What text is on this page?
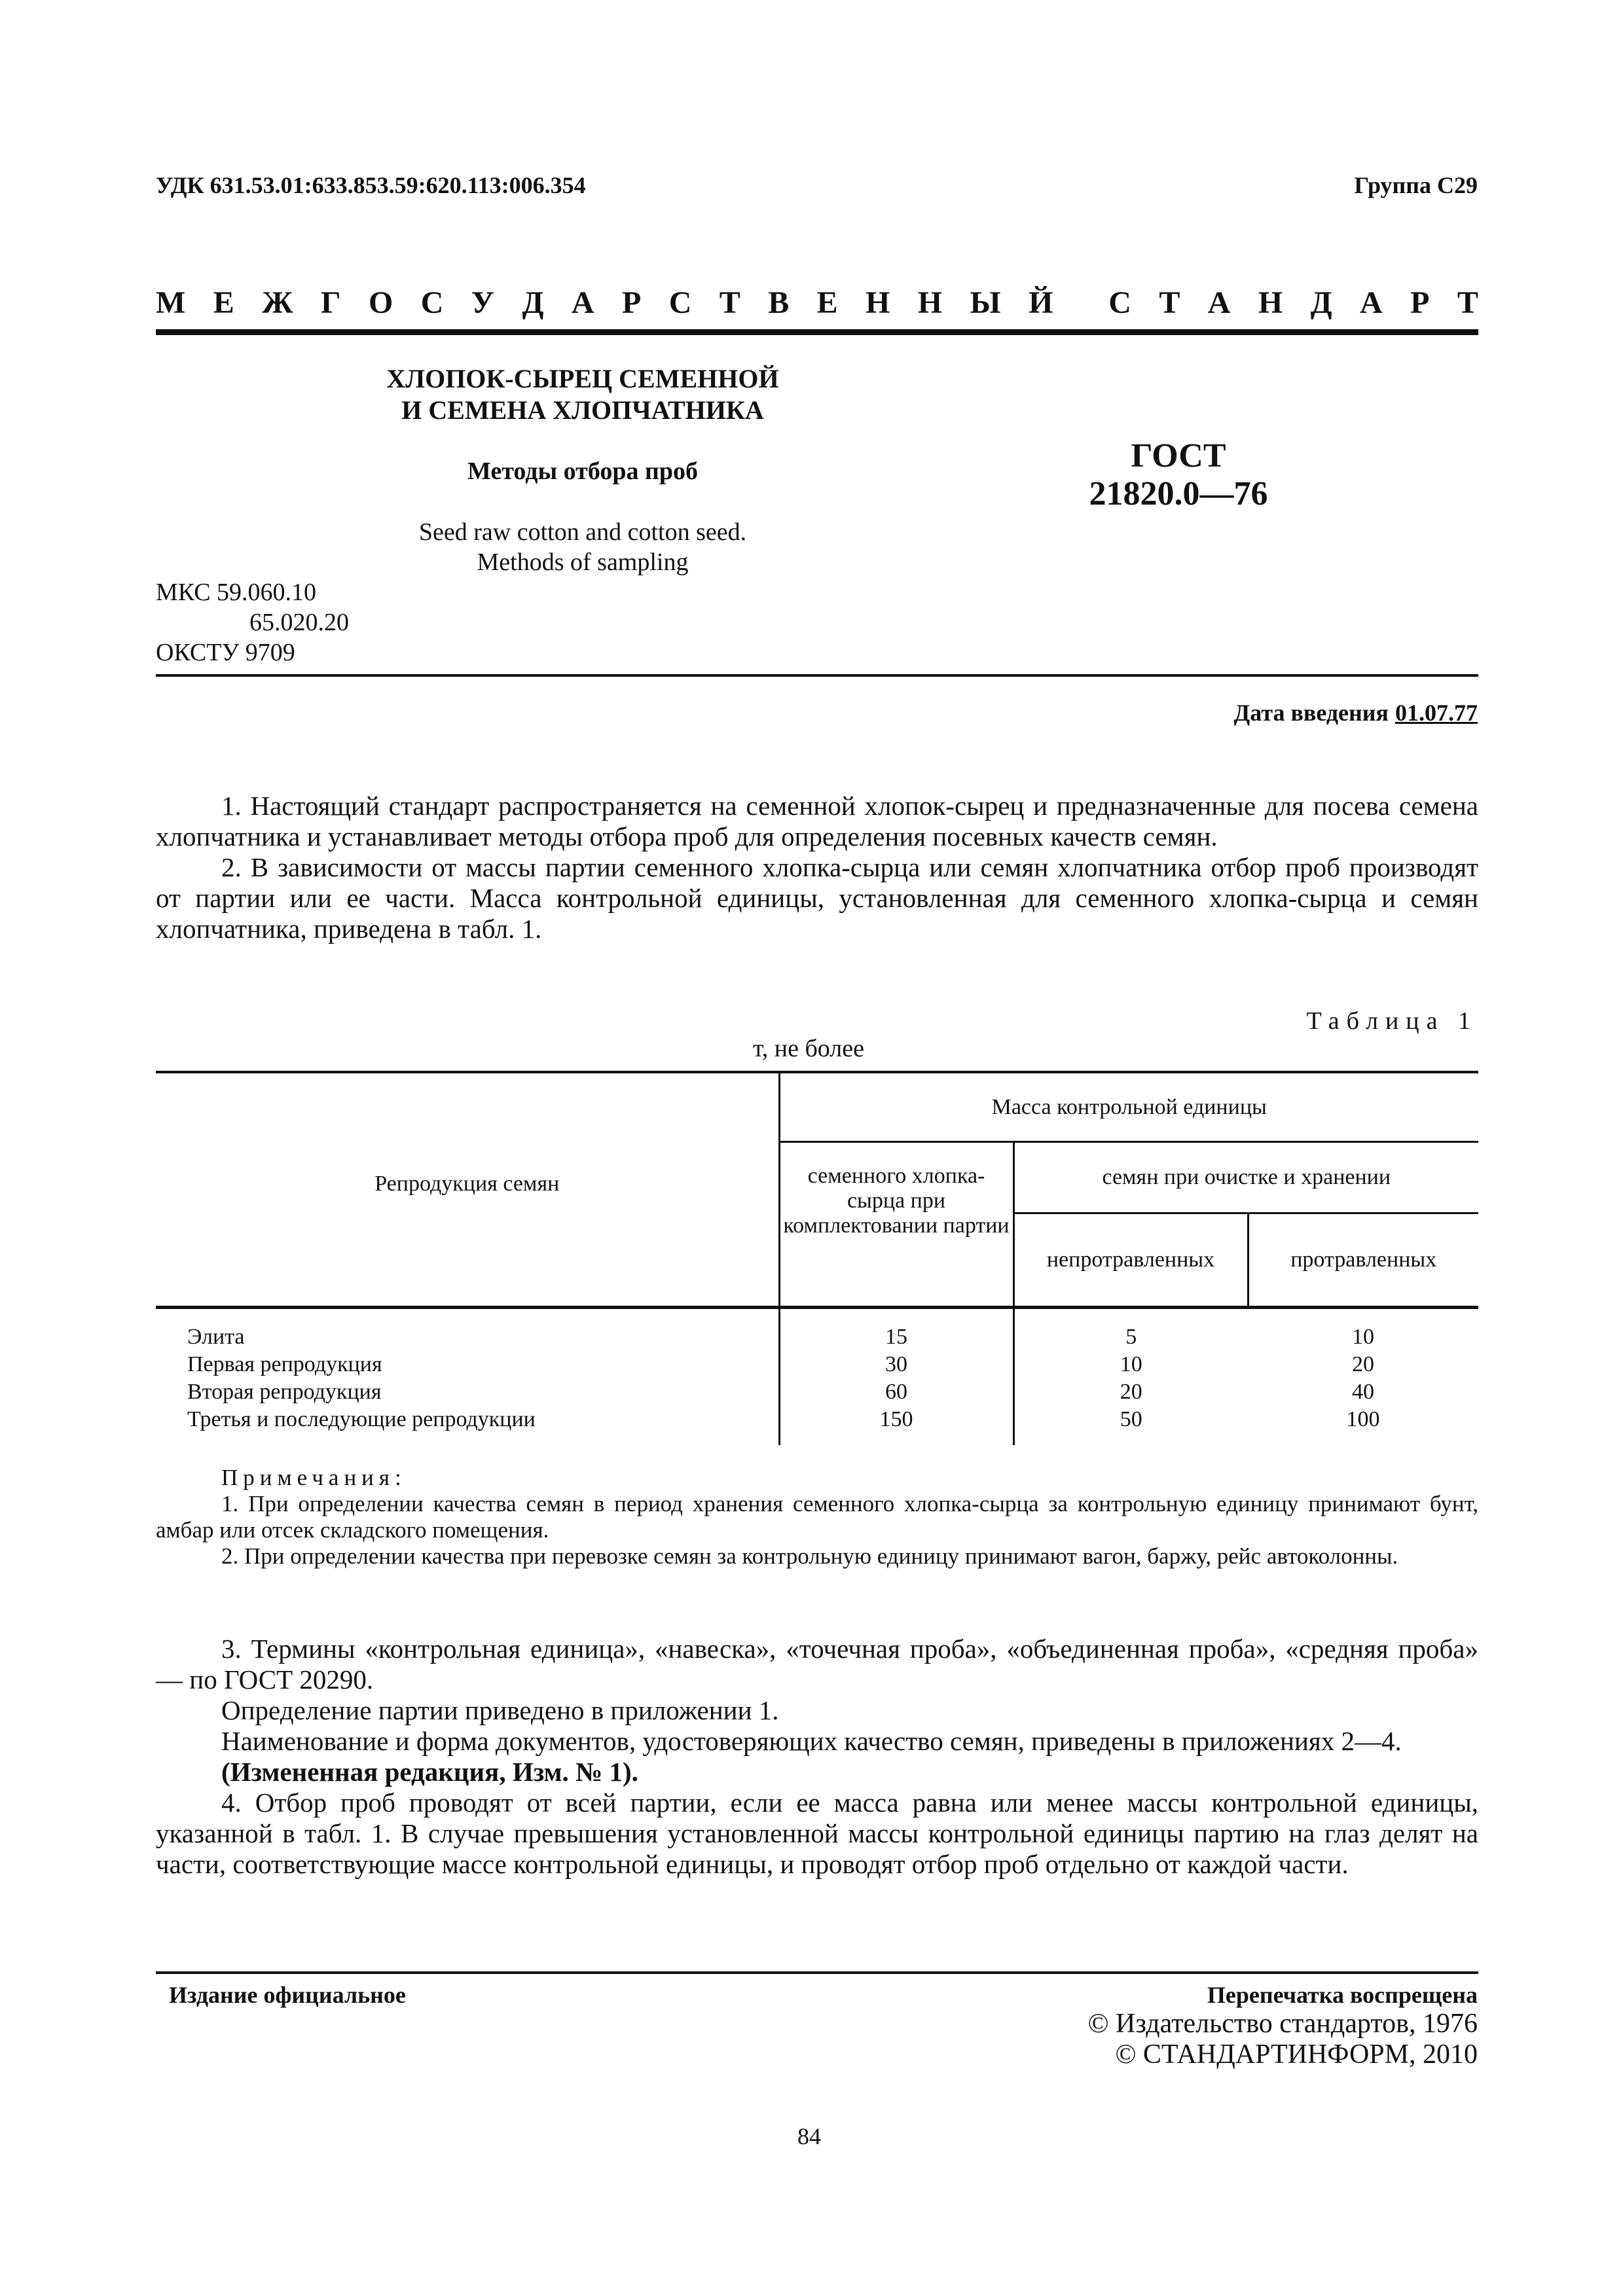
УДК 631.53.01:633.853.59:620.113:006.354	Группа С29
М Е Ж Г О С У Д А Р С Т В Е Н Н Ы Й С Т А Н Д А Р Т
ХЛОПОК-СЫРЕЦ СЕМЕННОЙ
И СЕМЕНА ХЛОПЧАТНИКА
Методы отбора проб
Seed raw cotton and cotton seed.
Methods of sampling
ГОСТ
21820.0—76
МКС 59.060.10
65.020.20
ОКСТУ 9709
Дата введения 01.07.77

1. Настоящий стандарт распространяется на семенной хлопок-сырец и предназначенные для посева семена хлопчатника и устанавливает методы отбора проб для определения посевных качеств семян.

2. В зависимости от массы партии семенного хлопка-сырца или семян хлопчатника отбор проб производят от партии или ее части. Масса контрольной единицы, установленная для семенного хлопка-сырца и семян хлопчатника, приведена в табл. 1.

Таблица 1
т, не более
Репродукция семян	Масса контрольной единицы		
	семенного хлопка-сырца при комплектовании партии	семян при очистке и хранении	
		непротравленных	протравленных
Элита	15	5	10
Первая репродукция	30	10	20
Вторая репродукция	60	20	40
Третья и последующие репродукции	150	50	100
Примечания:

1. При определении качества семян в период хранения семенного хлопка-сырца за контрольную единицу принимают бунт, амбар или отсек складского помещения.

2. При определении качества при перевозке семян за контрольную единицу принимают вагон, баржу, рейс автоколонны.

3. Термины «контрольная единица», «навеска», «точечная проба», «объединенная проба», «средняя проба» — по ГОСТ 20290.

Определение партии приведено в приложении 1.

Наименование и форма документов, удостоверяющих качество семян, приведены в приложениях 2—4.

(Измененная редакция, Изм. № 1).

4. Отбор проб проводят от всей партии, если ее масса равна или менее массы контрольной единицы, указанной в табл. 1. В случае превышения установленной массы контрольной единицы партию на глаз делят на части, соответствующие массе контрольной единицы, и проводят отбор проб отдельно от каждой части.

Издание официальное	Перепечатка воспрещена
© Издательство стандартов, 1976
© СТАНДАРТИНФОРМ, 2010
84
